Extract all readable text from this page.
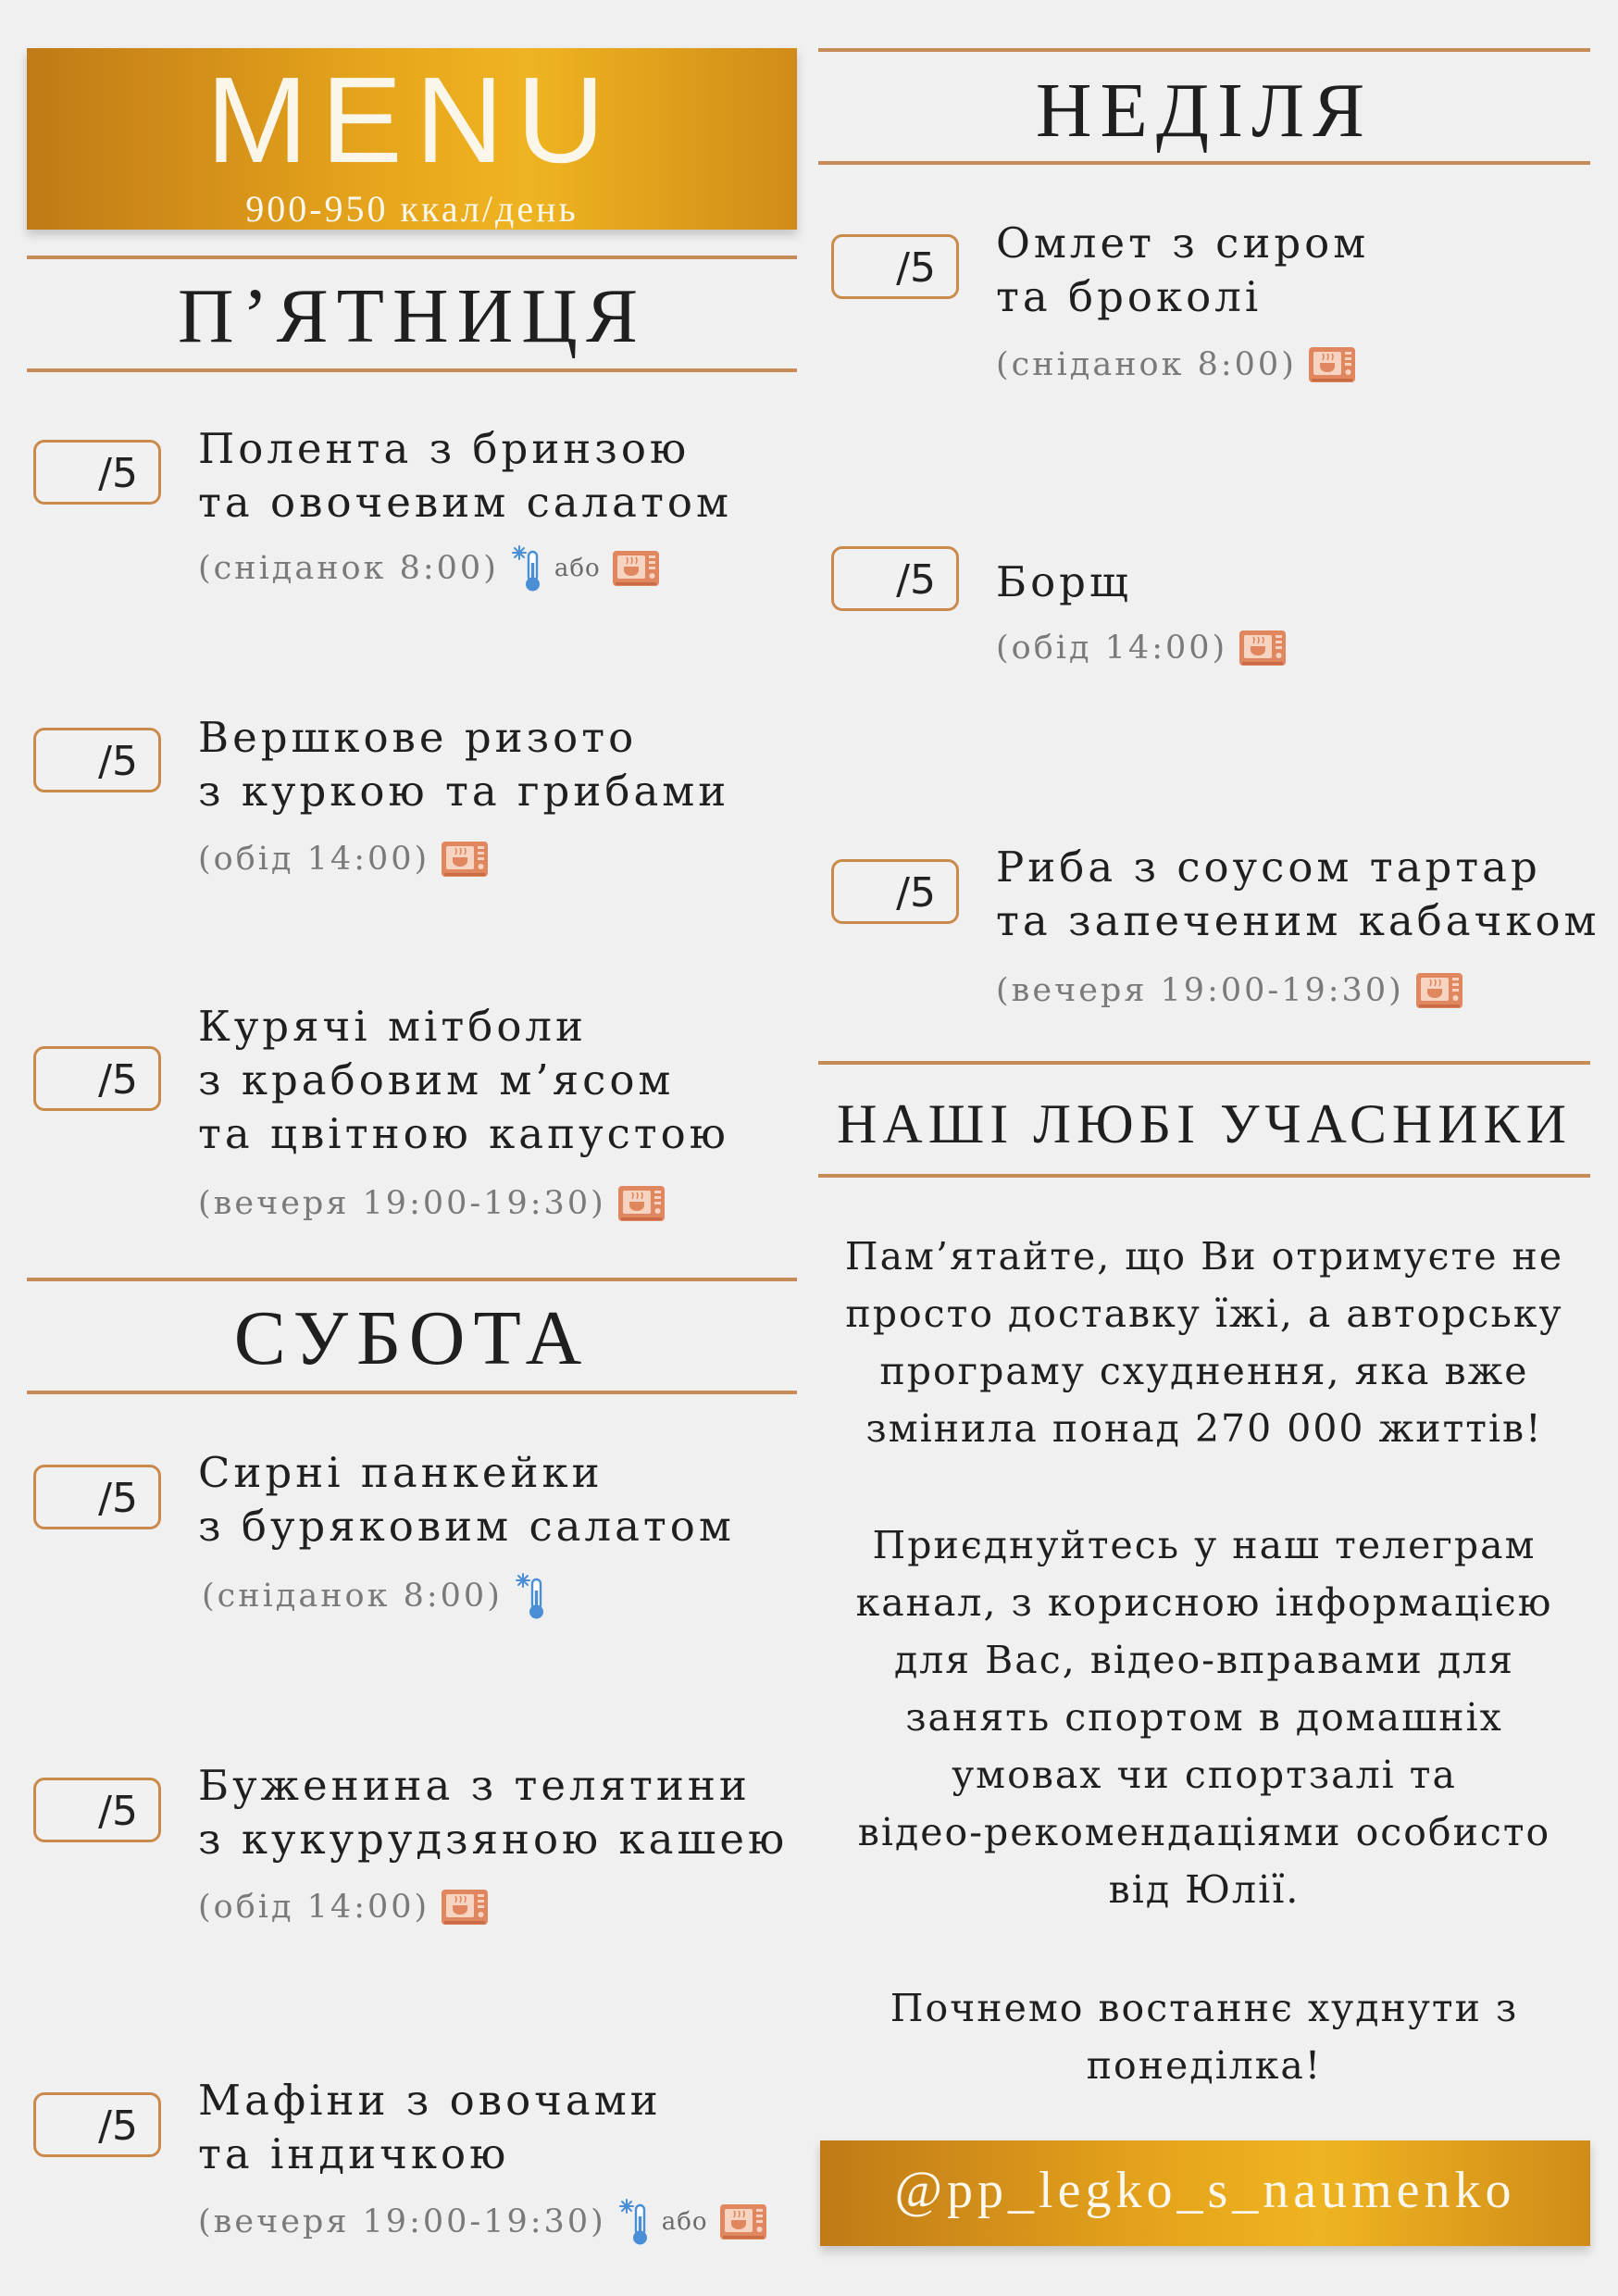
MENU
900-950 ккал/день
П’ЯТНИЦЯ
/5
Полента з бринзою
та овочевим салатом
(сніданок 8:00) або
/5 Вершкове ризото
з куркою та грибами
(обід 14:00)
/5
Курячі мітболи
з крабовим м’ясом
та цвітною капустою
(вечеря 19:00-19:30)
СУБОТА
/5
Сирні панкейки
з буряковим салатом
(сніданок 8:00)
/5
Буженина з телятини
з кукурудзяною кашею
(обід 14:00)
/5
Мафіни з овочами
та індичкою
(вечеря 19:00-19:30) або
НЕДІЛЯ
/5
Омлет з сиром
та броколі
(сніданок 8:00)
/5 Борщ
(обід 14:00)
/5
Риба з соусом тартар
та запеченим кабачком
(вечеря 19:00-19:30)
НАШІ ЛЮБІ УЧАСНИКИ
Пам’ятайте, що Ви отримуєте не
просто доставку їжі, а авторську
програму схуднення, яка вже
змінила понад 270 000 життів!
Приєднуйтесь у наш телеграм
канал, з корисною інформацією
для Вас, відео-вправами для
занять спортом в домашніх
умовах чи спортзалі та
відео-рекомендаціями особисто
від Юлії.
Почнемо востаннє худнути з
понеділка!
@pp_legko_s_naumenko
